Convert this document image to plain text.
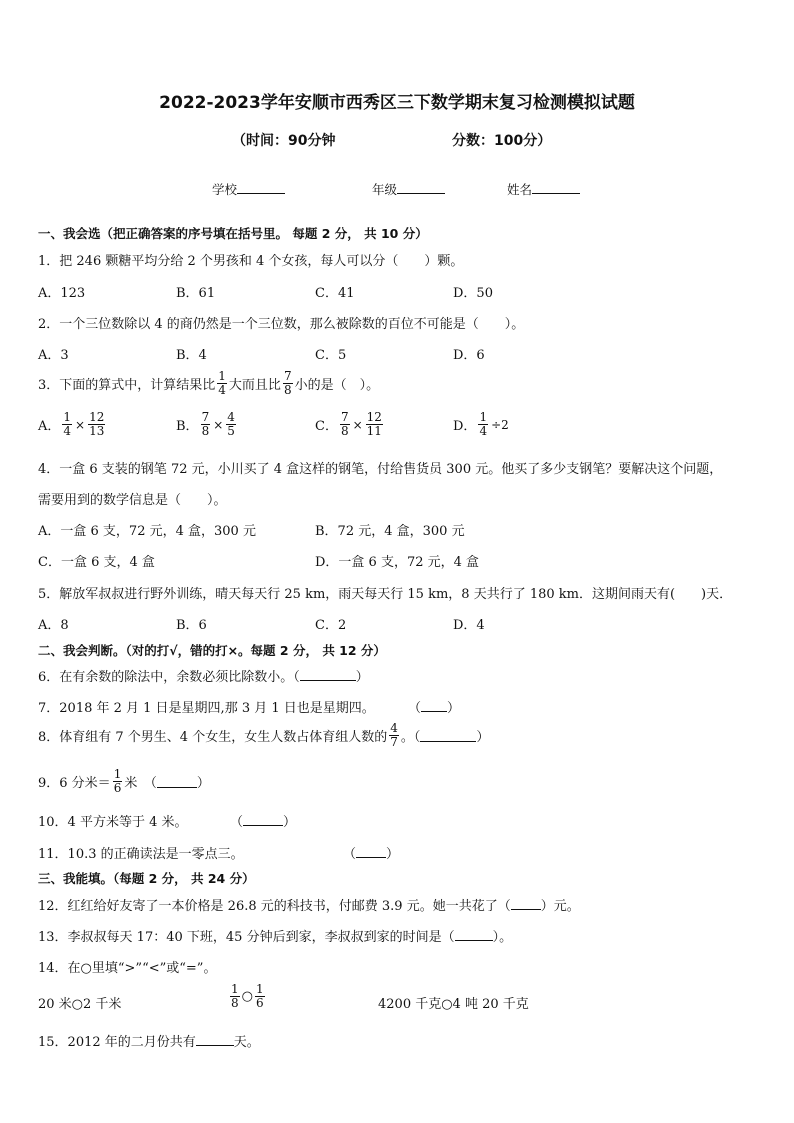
2022-2023学年安顺市西秀区三下数学期末复习检测模拟试题
（时间：90分钟	分数：100分）
学校	年级	姓名
一、我会选（把正确答案的序号填在括号里。 每题 2 分， 共 10 分）
1．把 246 颗糖平均分给 2 个男孩和 4 个女孩，每人可以分（　　）颗。
A．123	B．61	C．41	D．50
2．一个三位数除以 4 的商仍然是一个三位数，那么被除数的百位不可能是（　　）。
A．3	B．4	C．5	D．6
3．下面的算式中，计算结果比 $\frac{1}{4}$ 大而且比 $\frac{7}{8}$ 小的是（　）。
A． $\frac{1}{4} \times \frac{12}{13}$	B． $\frac{7}{8} \times \frac{4}{5}$	C． $\frac{7}{8} \times \frac{12}{11}$	D． $\frac{1}{4} \div 2$
4．一盒 6 支装的钢笔 72 元，小川买了 4 盒这样的钢笔，付给售货员 300 元。他买了多少支钢笔？要解决这个问题，
需要用到的数学信息是（　　）。
A．一盒 6 支，72 元，4 盒，300 元	B．72 元，4 盒，300 元
C．一盒 6 支，4 盒	D．一盒 6 支，72 元，4 盒
5．解放军叔叔进行野外训练，晴天每天行 25 km，雨天每天行 15 km，8 天共行了 180 km．这期间雨天有(　　)天．
A．8	B．6	C．2	D．4
二、我会判断。（对的打√，错的打×。每题 2 分， 共 12 分）
6．在有余数的除法中，余数必须比除数小。（	）
7．2018 年 2 月 1 日是星期四,那 3 月 1 日也是星期四。	（ ）
8．体育组有 7 个男生、4 个女生，女生人数占体育组人数的 $\frac{4}{7}$ 。（	）
9．6 分米＝ $\frac{1}{6}$ 米　（	）
10．4 平方米等于 4 米。	（	）
11．10.3 的正确读法是一零点三。	（ ）
三、我能填。（每题 2 分， 共 24 分）
12．红红给好友寄了一本价格是 26.8 元的科技书，付邮费 3.9 元。她一共花了（ ）元。
13．李叔叔每天 17：40 下班，45 分钟后到家，李叔叔到家的时间是（	）。
14．在○里填“>”“<”或“=”。
20 米○2 千米	$\frac{1}{8}$ ○ $\frac{1}{6}$	4200 千克○4 吨 20 千克
15．2012 年的二月份共有	天。
